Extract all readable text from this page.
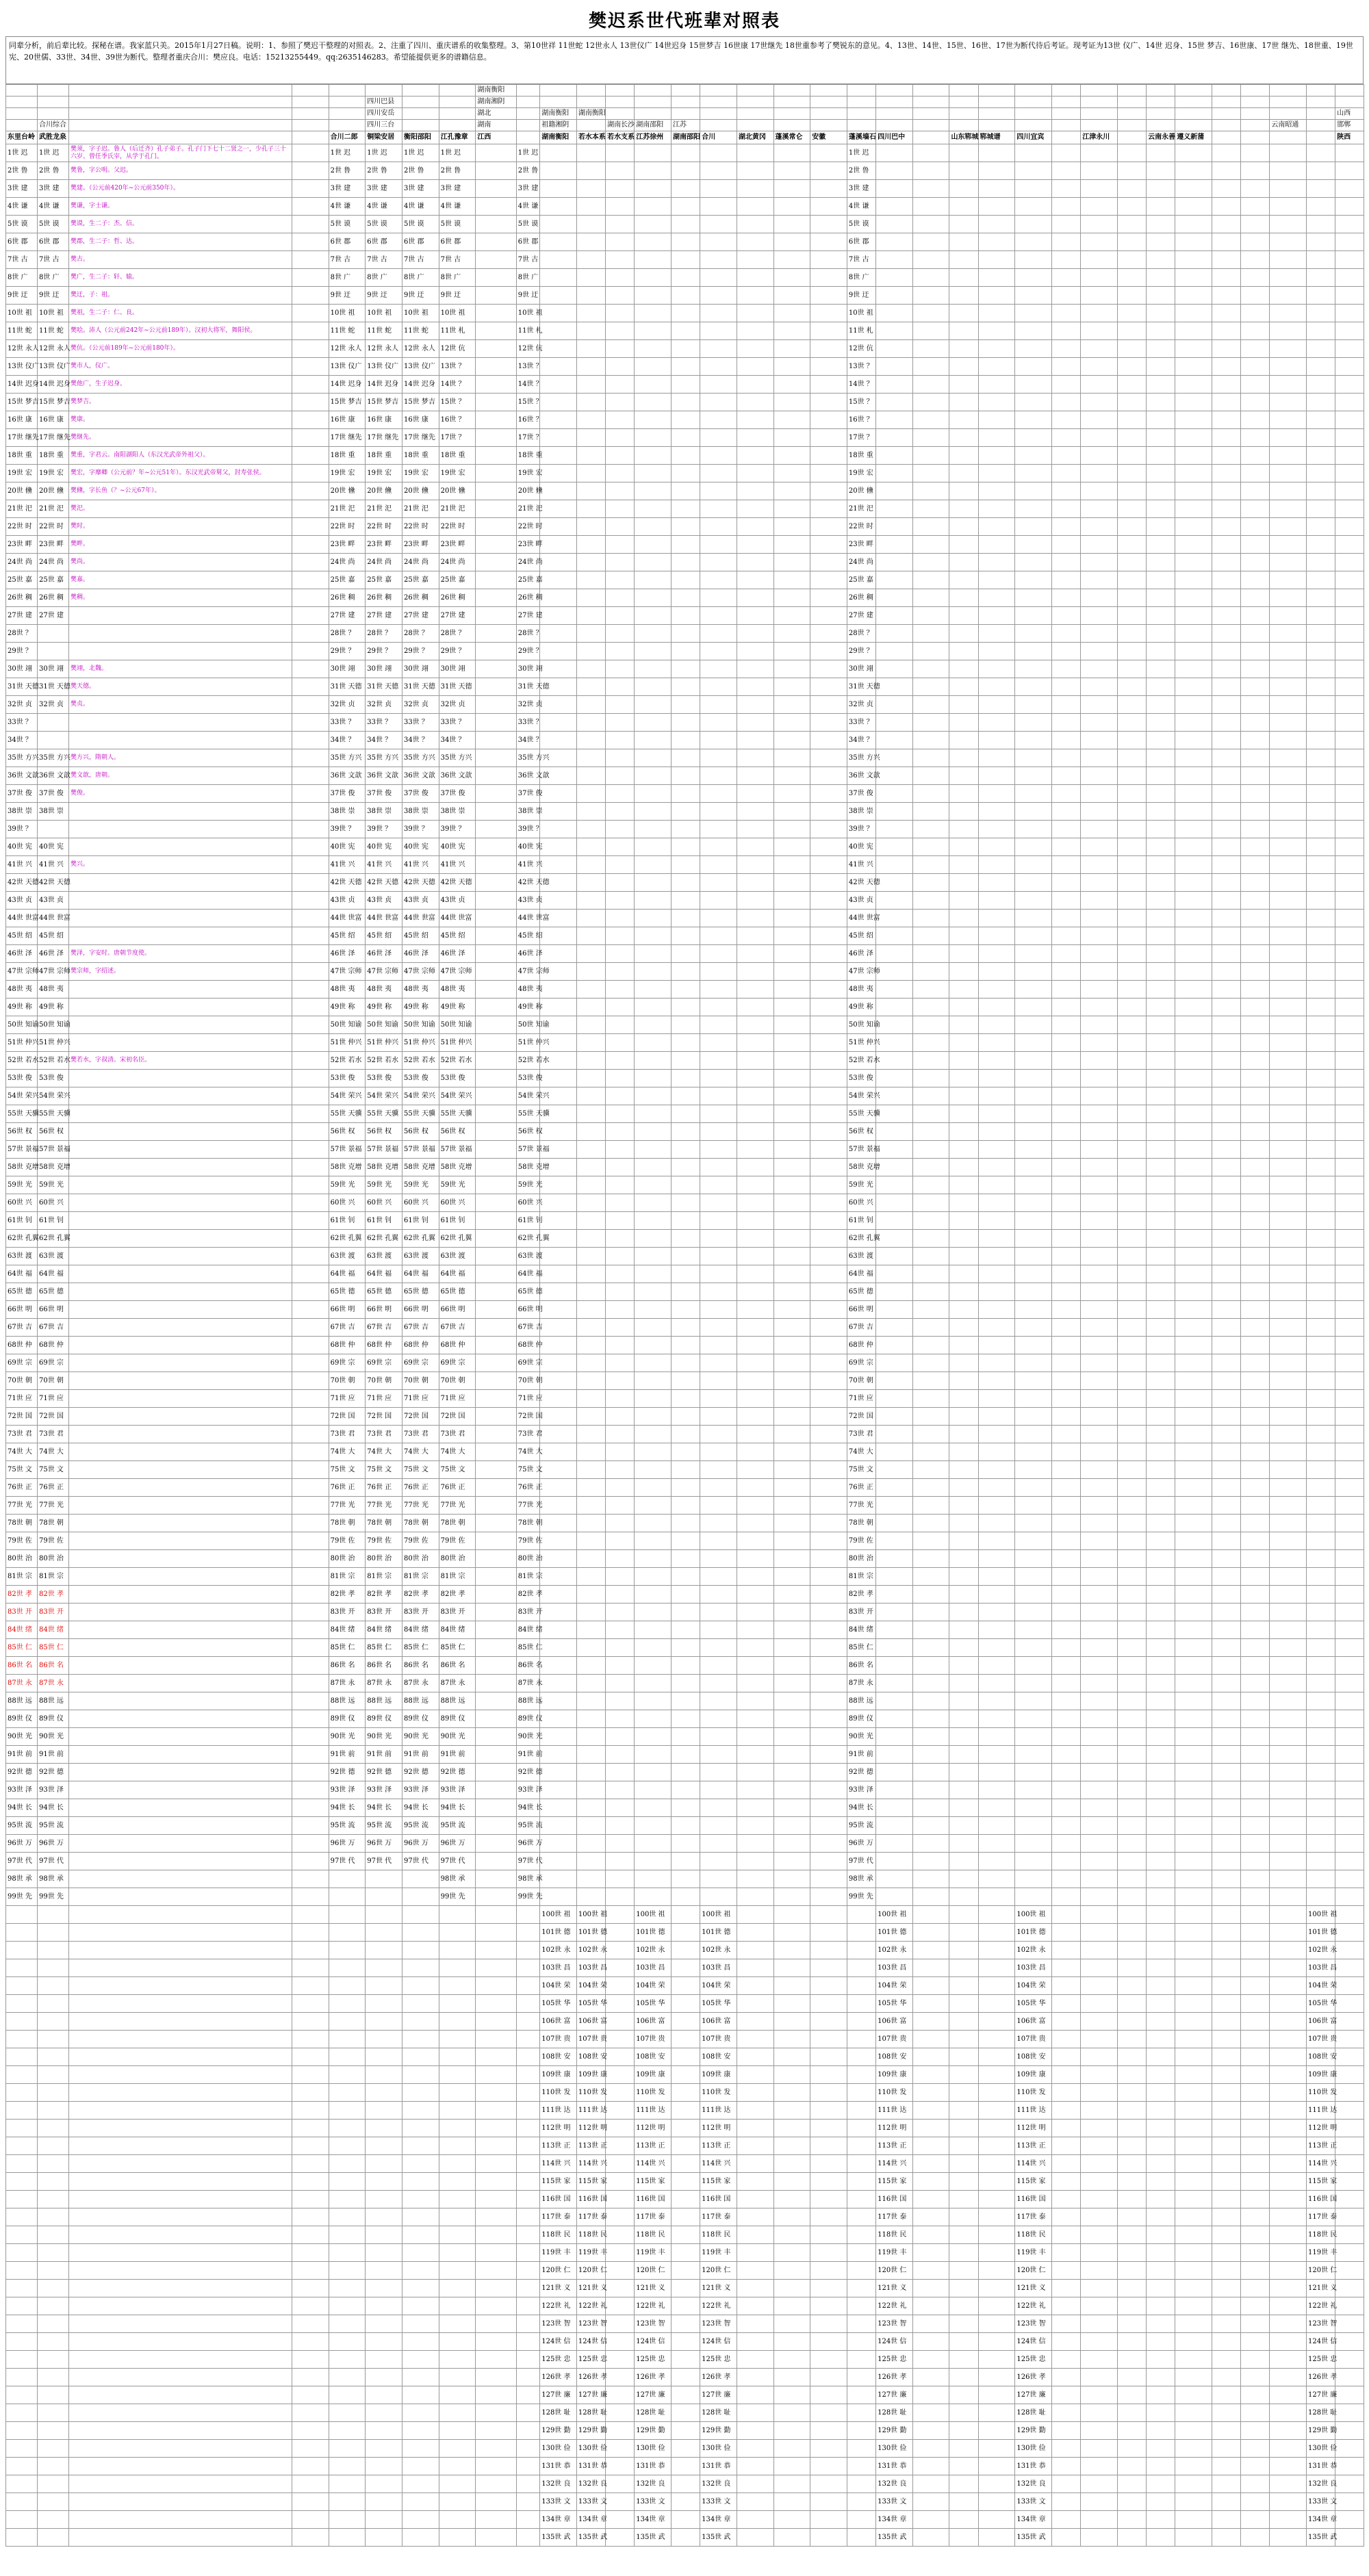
樊迟系世代班辈对照表
同辈分析，前后辈比较。探秘在谱。我家蓝只美。2015年1月27日稿。说明：1、参照了樊迟干整理的对照表。2、注重了四川、重庆谱系的收集整理。3、第10世祥 11世蛇 12世永人 13世仪广 14世迟身 15世梦吉 16世康 17世继先 18世重参考了樊锐东的意见。4、13世、14世、15世、16世、17世为断代待后考证。现考证为13世 仪广、14世 迟身、15世 梦吉、16世康、17世 继先、18世重、19世宪、20世儒、33世、34世、39世为断代。整理者重庆合川：樊应良。电话：15213255449。qq:2635146283。希望能提供更多的谱籍信息。
								湖南衡阳																										
					四川巴县			湖南湘阴																										
					四川安岳			湖北		湖南衡阳	湖南衡阳																							山西
	合川综合				四川三台			湖南		祖籍湘阴		湖南长沙	湖南邵阳	江苏																		云南昭通		邯郸
东里台岭	武胜龙泉			合川二郎	铜梁安居	衡阳邵阳	江孔豫章	江西		湖南衡阳	若水本系	若水支系	江苏徐州	湖南邵阳	合川	湖北黄冈	蓬溪常仑	安徽	蓬溪墙石	四川巴中		山东郓城	郓城谱	四川宜宾		江津永川		云南永善	遵义新蒲					陕西
1世 迟	1世 迟	樊须，字子迟。鲁人（后迁齐）孔子弟子。孔子门下七十二贤之一，少孔子三十六岁。曾任季氏宰，从学于孔门。		1世 迟	1世 迟	1世 迟	1世 迟		1世 迟										1世 迟															
2世 鲁	2世 鲁	樊鲁，字公明。父迟。		2世 鲁	2世 鲁	2世 鲁	2世 鲁		2世 鲁										2世 鲁															
3世 建	3世 建	樊建。（公元前420年~公元前350年）。		3世 建	3世 建	3世 建	3世 建		3世 建										3世 建															
4世 谦	4世 谦	樊谦，字士谦。		4世 谦	4世 谦	4世 谦	4世 谦		4世 谦										4世 谦															
5世 谟	5世 谟	樊谟，生二子：杰、信。		5世 谟	5世 谟	5世 谟	5世 谟		5世 谟										5世 谟															
6世 郡	6世 郡	樊郡，生二子：哲、达。		6世 郡	6世 郡	6世 郡	6世 郡		6世 郡										6世 郡															
7世 古	7世 古	樊古。		7世 古	7世 古	7世 古	7世 古		7世 古										7世 古															
8世 广	8世 广	樊广，生二子：轩、辕。		8世 广	8世 广	8世 广	8世 广		8世 广										8世 广															
9世 迂	9世 迂	樊迂，子：祖。		9世 迂	9世 迂	9世 迂	9世 迂		9世 迂										9世 迂															
10世 祖	10世 祖	樊祖，生二子：仁、良。		10世 祖	10世 祖	10世 祖	10世 祖		10世 祖										10世 祖															
11世 蛇	11世 蛇	樊哙。沛人（公元前242年~公元前189年）。汉初大将军，舞阳侯。		11世 蛇	11世 蛇	11世 蛇	11世 札		11世 札										11世 札															
12世 永人	12世 永人	樊伉。（公元前189年~公元前180年）。		12世 永人	12世 永人	12世 永人	12世 伉		12世 伉										12世 伉															
13世 仪广	13世 仪广	樊市人，仪广。		13世 仪广	13世 仪广	13世 仪广	13世 ？		13世 ？										13世 ？															
14世 迟身	14世 迟身	樊他广，生子迟身。		14世 迟身	14世 迟身	14世 迟身	14世 ？		14世 ？										14世 ？															
15世 梦吉	15世 梦吉	樊梦吉。		15世 梦吉	15世 梦吉	15世 梦吉	15世 ？		15世 ？										15世 ？															
16世 康	16世 康	樊康。		16世 康	16世 康	16世 康	16世 ？		16世 ？										16世 ？															
17世 继先	17世 继先	樊继先。		17世 继先	17世 继先	17世 继先	17世 ？		17世 ？										17世 ？															
18世 重	18世 重	樊重，字君云。南阳湖阳人（东汉光武帝外祖父）。		18世 重	18世 重	18世 重	18世 重		18世 重										18世 重															
19世 宏	19世 宏	樊宏，字靡卿（公元前？年~公元51年）。东汉光武帝舅父，封寿张侯。		19世 宏	19世 宏	19世 宏	19世 宏		19世 宏										19世 宏															
20世 儵	20世 儵	樊儵，字长鱼（？~公元67年）。		20世 儵	20世 儵	20世 儵	20世 儵		20世 儵										20世 儵															
21世 汜	21世 汜	樊汜。		21世 汜	21世 汜	21世 汜	21世 汜		21世 汜										21世 汜															
22世 时	22世 时	樊时。		22世 时	22世 时	22世 时	22世 时		22世 时										22世 时															
23世 畔	23世 畔	樊畔。		23世 畔	23世 畔	23世 畔	23世 畔		23世 畔										23世 畔															
24世 尚	24世 尚	樊尚。		24世 尚	24世 尚	24世 尚	24世 尚		24世 尚										24世 尚															
25世 嘉	25世 嘉	樊嘉。		25世 嘉	25世 嘉	25世 嘉	25世 嘉		25世 嘉										25世 嘉															
26世 稠	26世 稠	樊稠。		26世 稠	26世 稠	26世 稠	26世 稠		26世 稠										26世 稠															
27世 建	27世 建			27世 建	27世 建	27世 建	27世 建		27世 建										27世 建															
28世 ？				28世 ？	28世 ？	28世 ？	28世 ？		28世 ？										28世 ？															
29世 ？				29世 ？	29世 ？	29世 ？	29世 ？		29世 ？										29世 ？															
30世 翊	30世 翊	樊翊，北魏。		30世 翊	30世 翊	30世 翊	30世 翊		30世 翊										30世 翊															
31世 天德	31世 天德	樊天德。		31世 天德	31世 天德	31世 天德	31世 天德		31世 天德										31世 天德															
32世 贞	32世 贞	樊贞。		32世 贞	32世 贞	32世 贞	32世 贞		32世 贞										32世 贞															
33世 ？				33世 ？	33世 ？	33世 ？	33世 ？		33世 ？										33世 ？															
34世 ？				34世 ？	34世 ？	34世 ？	34世 ？		34世 ？										34世 ？															
35世 方兴	35世 方兴	樊方兴，隋朝人。		35世 方兴	35世 方兴	35世 方兴	35世 方兴		35世 方兴										35世 方兴															
36世 文歆	36世 文歆	樊文歆，唐朝。		36世 文歆	36世 文歆	36世 文歆	36世 文歆		36世 文歆										36世 文歆															
37世 俊	37世 俊	樊俊。		37世 俊	37世 俊	37世 俊	37世 俊		37世 俊										37世 俊															
38世 崇	38世 崇			38世 崇	38世 崇	38世 崇	38世 崇		38世 崇										38世 崇															
39世 ？				39世 ？	39世 ？	39世 ？	39世 ？		39世 ？										39世 ？															
40世 宪	40世 宪			40世 宪	40世 宪	40世 宪	40世 宪		40世 宪										40世 宪															
41世 兴	41世 兴	樊兴。		41世 兴	41世 兴	41世 兴	41世 兴		41世 兴										41世 兴															
42世 天德	42世 天德			42世 天德	42世 天德	42世 天德	42世 天德		42世 天德										42世 天德															
43世 贞	43世 贞			43世 贞	43世 贞	43世 贞	43世 贞		43世 贞										43世 贞															
44世 世富	44世 世富			44世 世富	44世 世富	44世 世富	44世 世富		44世 世富										44世 世富															
45世 绍	45世 绍			45世 绍	45世 绍	45世 绍	45世 绍		45世 绍										45世 绍															
46世 泽	46世 泽	樊泽，字安时。唐朝节度使。		46世 泽	46世 泽	46世 泽	46世 泽		46世 泽										46世 泽															
47世 宗师	47世 宗师	樊宗师，字绍述。		47世 宗师	47世 宗师	47世 宗师	47世 宗师		47世 宗师										47世 宗师															
48世 夷	48世 夷			48世 夷	48世 夷	48世 夷	48世 夷		48世 夷										48世 夷															
49世 称	49世 称			49世 称	49世 称	49世 称	49世 称		49世 称										49世 称															
50世 知谕	50世 知谕			50世 知谕	50世 知谕	50世 知谕	50世 知谕		50世 知谕										50世 知谕															
51世 仲兴	51世 仲兴			51世 仲兴	51世 仲兴	51世 仲兴	51世 仲兴		51世 仲兴										51世 仲兴															
52世 若水	52世 若水	樊若水，字叔清。宋初名臣。		52世 若水	52世 若水	52世 若水	52世 若水		52世 若水										52世 若水															
53世 俊	53世 俊			53世 俊	53世 俊	53世 俊	53世 俊		53世 俊										53世 俊															
54世 荣兴	54世 荣兴			54世 荣兴	54世 荣兴	54世 荣兴	54世 荣兴		54世 荣兴										54世 荣兴															
55世 天骥	55世 天骥			55世 天骥	55世 天骥	55世 天骥	55世 天骥		55世 天骥										55世 天骥															
56世 权	56世 权			56世 权	56世 权	56世 权	56世 权		56世 权										56世 权															
57世 景福	57世 景福			57世 景福	57世 景福	57世 景福	57世 景福		57世 景福										57世 景福															
58世 克增	58世 克增			58世 克增	58世 克增	58世 克增	58世 克增		58世 克增										58世 克增															
59世 光	59世 光			59世 光	59世 光	59世 光	59世 光		59世 光										59世 光															
60世 兴	60世 兴			60世 兴	60世 兴	60世 兴	60世 兴		60世 兴										60世 兴															
61世 钊	61世 钊			61世 钊	61世 钊	61世 钊	61世 钊		61世 钊										61世 钊															
62世 孔翼	62世 孔翼			62世 孔翼	62世 孔翼	62世 孔翼	62世 孔翼		62世 孔翼										62世 孔翼															
63世 渡	63世 渡			63世 渡	63世 渡	63世 渡	63世 渡		63世 渡										63世 渡															
64世 福	64世 福			64世 福	64世 福	64世 福	64世 福		64世 福										64世 福															
65世 德	65世 德			65世 德	65世 德	65世 德	65世 德		65世 德										65世 德															
66世 明	66世 明			66世 明	66世 明	66世 明	66世 明		66世 明										66世 明															
67世 吉	67世 吉			67世 吉	67世 吉	67世 吉	67世 吉		67世 吉										67世 吉															
68世 仲	68世 仲			68世 仲	68世 仲	68世 仲	68世 仲		68世 仲										68世 仲															
69世 宗	69世 宗			69世 宗	69世 宗	69世 宗	69世 宗		69世 宗										69世 宗															
70世 朝	70世 朝			70世 朝	70世 朝	70世 朝	70世 朝		70世 朝										70世 朝															
71世 应	71世 应			71世 应	71世 应	71世 应	71世 应		71世 应										71世 应															
72世 国	72世 国			72世 国	72世 国	72世 国	72世 国		72世 国										72世 国															
73世 君	73世 君			73世 君	73世 君	73世 君	73世 君		73世 君										73世 君															
74世 大	74世 大			74世 大	74世 大	74世 大	74世 大		74世 大										74世 大															
75世 文	75世 文			75世 文	75世 文	75世 文	75世 文		75世 文										75世 文															
76世 正	76世 正			76世 正	76世 正	76世 正	76世 正		76世 正										76世 正															
77世 光	77世 光			77世 光	77世 光	77世 光	77世 光		77世 光										77世 光															
78世 朝	78世 朝			78世 朝	78世 朝	78世 朝	78世 朝		78世 朝										78世 朝															
79世 佐	79世 佐			79世 佐	79世 佐	79世 佐	79世 佐		79世 佐										79世 佐															
80世 治	80世 治			80世 治	80世 治	80世 治	80世 治		80世 治										80世 治															
81世 宗	81世 宗			81世 宗	81世 宗	81世 宗	81世 宗		81世 宗										81世 宗															
82世 孝	82世 孝			82世 孝	82世 孝	82世 孝	82世 孝		82世 孝										82世 孝															
83世 开	83世 开			83世 开	83世 开	83世 开	83世 开		83世 开										83世 开															
84世 绪	84世 绪			84世 绪	84世 绪	84世 绪	84世 绪		84世 绪										84世 绪															
85世 仁	85世 仁			85世 仁	85世 仁	85世 仁	85世 仁		85世 仁										85世 仁															
86世 名	86世 名			86世 名	86世 名	86世 名	86世 名		86世 名										86世 名															
87世 永	87世 永			87世 永	87世 永	87世 永	87世 永		87世 永										87世 永															
88世 远	88世 远			88世 远	88世 远	88世 远	88世 远		88世 远										88世 远															
89世 仪	89世 仪			89世 仪	89世 仪	89世 仪	89世 仪		89世 仪										89世 仪															
90世 光	90世 光			90世 光	90世 光	90世 光	90世 光		90世 光										90世 光															
91世 前	91世 前			91世 前	91世 前	91世 前	91世 前		91世 前										91世 前															
92世 德	92世 德			92世 德	92世 德	92世 德	92世 德		92世 德										92世 德															
93世 泽	93世 泽			93世 泽	93世 泽	93世 泽	93世 泽		93世 泽										93世 泽															
94世 长	94世 长			94世 长	94世 长	94世 长	94世 长		94世 长										94世 长															
95世 流	95世 流			95世 流	95世 流	95世 流	95世 流		95世 流										95世 流															
96世 万	96世 万			96世 万	96世 万	96世 万	96世 万		96世 万										96世 万															
97世 代	97世 代			97世 代	97世 代	97世 代	97世 代		97世 代										97世 代															
98世 承	98世 承						98世 承		98世 承										98世 承															
99世 先	99世 先						99世 先		99世 先										99世 先															
										100世 祖	100世 祖		100世 祖		100世 祖					100世 祖				100世 祖									100世 祖	
										101世 德	101世 德		101世 德		101世 德					101世 德				101世 德									101世 德	
										102世 永	102世 永		102世 永		102世 永					102世 永				102世 永									102世 永	
										103世 昌	103世 昌		103世 昌		103世 昌					103世 昌				103世 昌									103世 昌	
										104世 荣	104世 荣		104世 荣		104世 荣					104世 荣				104世 荣									104世 荣	
										105世 华	105世 华		105世 华		105世 华					105世 华				105世 华									105世 华	
										106世 富	106世 富		106世 富		106世 富					106世 富				106世 富									106世 富	
										107世 贵	107世 贵		107世 贵		107世 贵					107世 贵				107世 贵									107世 贵	
										108世 安	108世 安		108世 安		108世 安					108世 安				108世 安									108世 安	
										109世 康	109世 康		109世 康		109世 康					109世 康				109世 康									109世 康	
										110世 发	110世 发		110世 发		110世 发					110世 发				110世 发									110世 发	
										111世 达	111世 达		111世 达		111世 达					111世 达				111世 达									111世 达	
										112世 明	112世 明		112世 明		112世 明					112世 明				112世 明									112世 明	
										113世 正	113世 正		113世 正		113世 正					113世 正				113世 正									113世 正	
										114世 兴	114世 兴		114世 兴		114世 兴					114世 兴				114世 兴									114世 兴	
										115世 家	115世 家		115世 家		115世 家					115世 家				115世 家									115世 家	
										116世 国	116世 国		116世 国		116世 国					116世 国				116世 国									116世 国	
										117世 泰	117世 泰		117世 泰		117世 泰					117世 泰				117世 泰									117世 泰	
										118世 民	118世 民		118世 民		118世 民					118世 民				118世 民									118世 民	
										119世 丰	119世 丰		119世 丰		119世 丰					119世 丰				119世 丰									119世 丰	
										120世 仁	120世 仁		120世 仁		120世 仁					120世 仁				120世 仁									120世 仁	
										121世 义	121世 义		121世 义		121世 义					121世 义				121世 义									121世 义	
										122世 礼	122世 礼		122世 礼		122世 礼					122世 礼				122世 礼									122世 礼	
										123世 智	123世 智		123世 智		123世 智					123世 智				123世 智									123世 智	
										124世 信	124世 信		124世 信		124世 信					124世 信				124世 信									124世 信	
										125世 忠	125世 忠		125世 忠		125世 忠					125世 忠				125世 忠									125世 忠	
										126世 孝	126世 孝		126世 孝		126世 孝					126世 孝				126世 孝									126世 孝	
										127世 廉	127世 廉		127世 廉		127世 廉					127世 廉				127世 廉									127世 廉	
										128世 耻	128世 耻		128世 耻		128世 耻					128世 耻				128世 耻									128世 耻	
										129世 勤	129世 勤		129世 勤		129世 勤					129世 勤				129世 勤									129世 勤	
										130世 俭	130世 俭		130世 俭		130世 俭					130世 俭				130世 俭									130世 俭	
										131世 恭	131世 恭		131世 恭		131世 恭					131世 恭				131世 恭									131世 恭	
										132世 良	132世 良		132世 良		132世 良					132世 良				132世 良									132世 良	
										133世 文	133世 文		133世 文		133世 文					133世 文				133世 文									133世 文	
										134世 章	134世 章		134世 章		134世 章					134世 章				134世 章									134世 章	
										135世 武	135世 武		135世 武		135世 武					135世 武				135世 武									135世 武	
